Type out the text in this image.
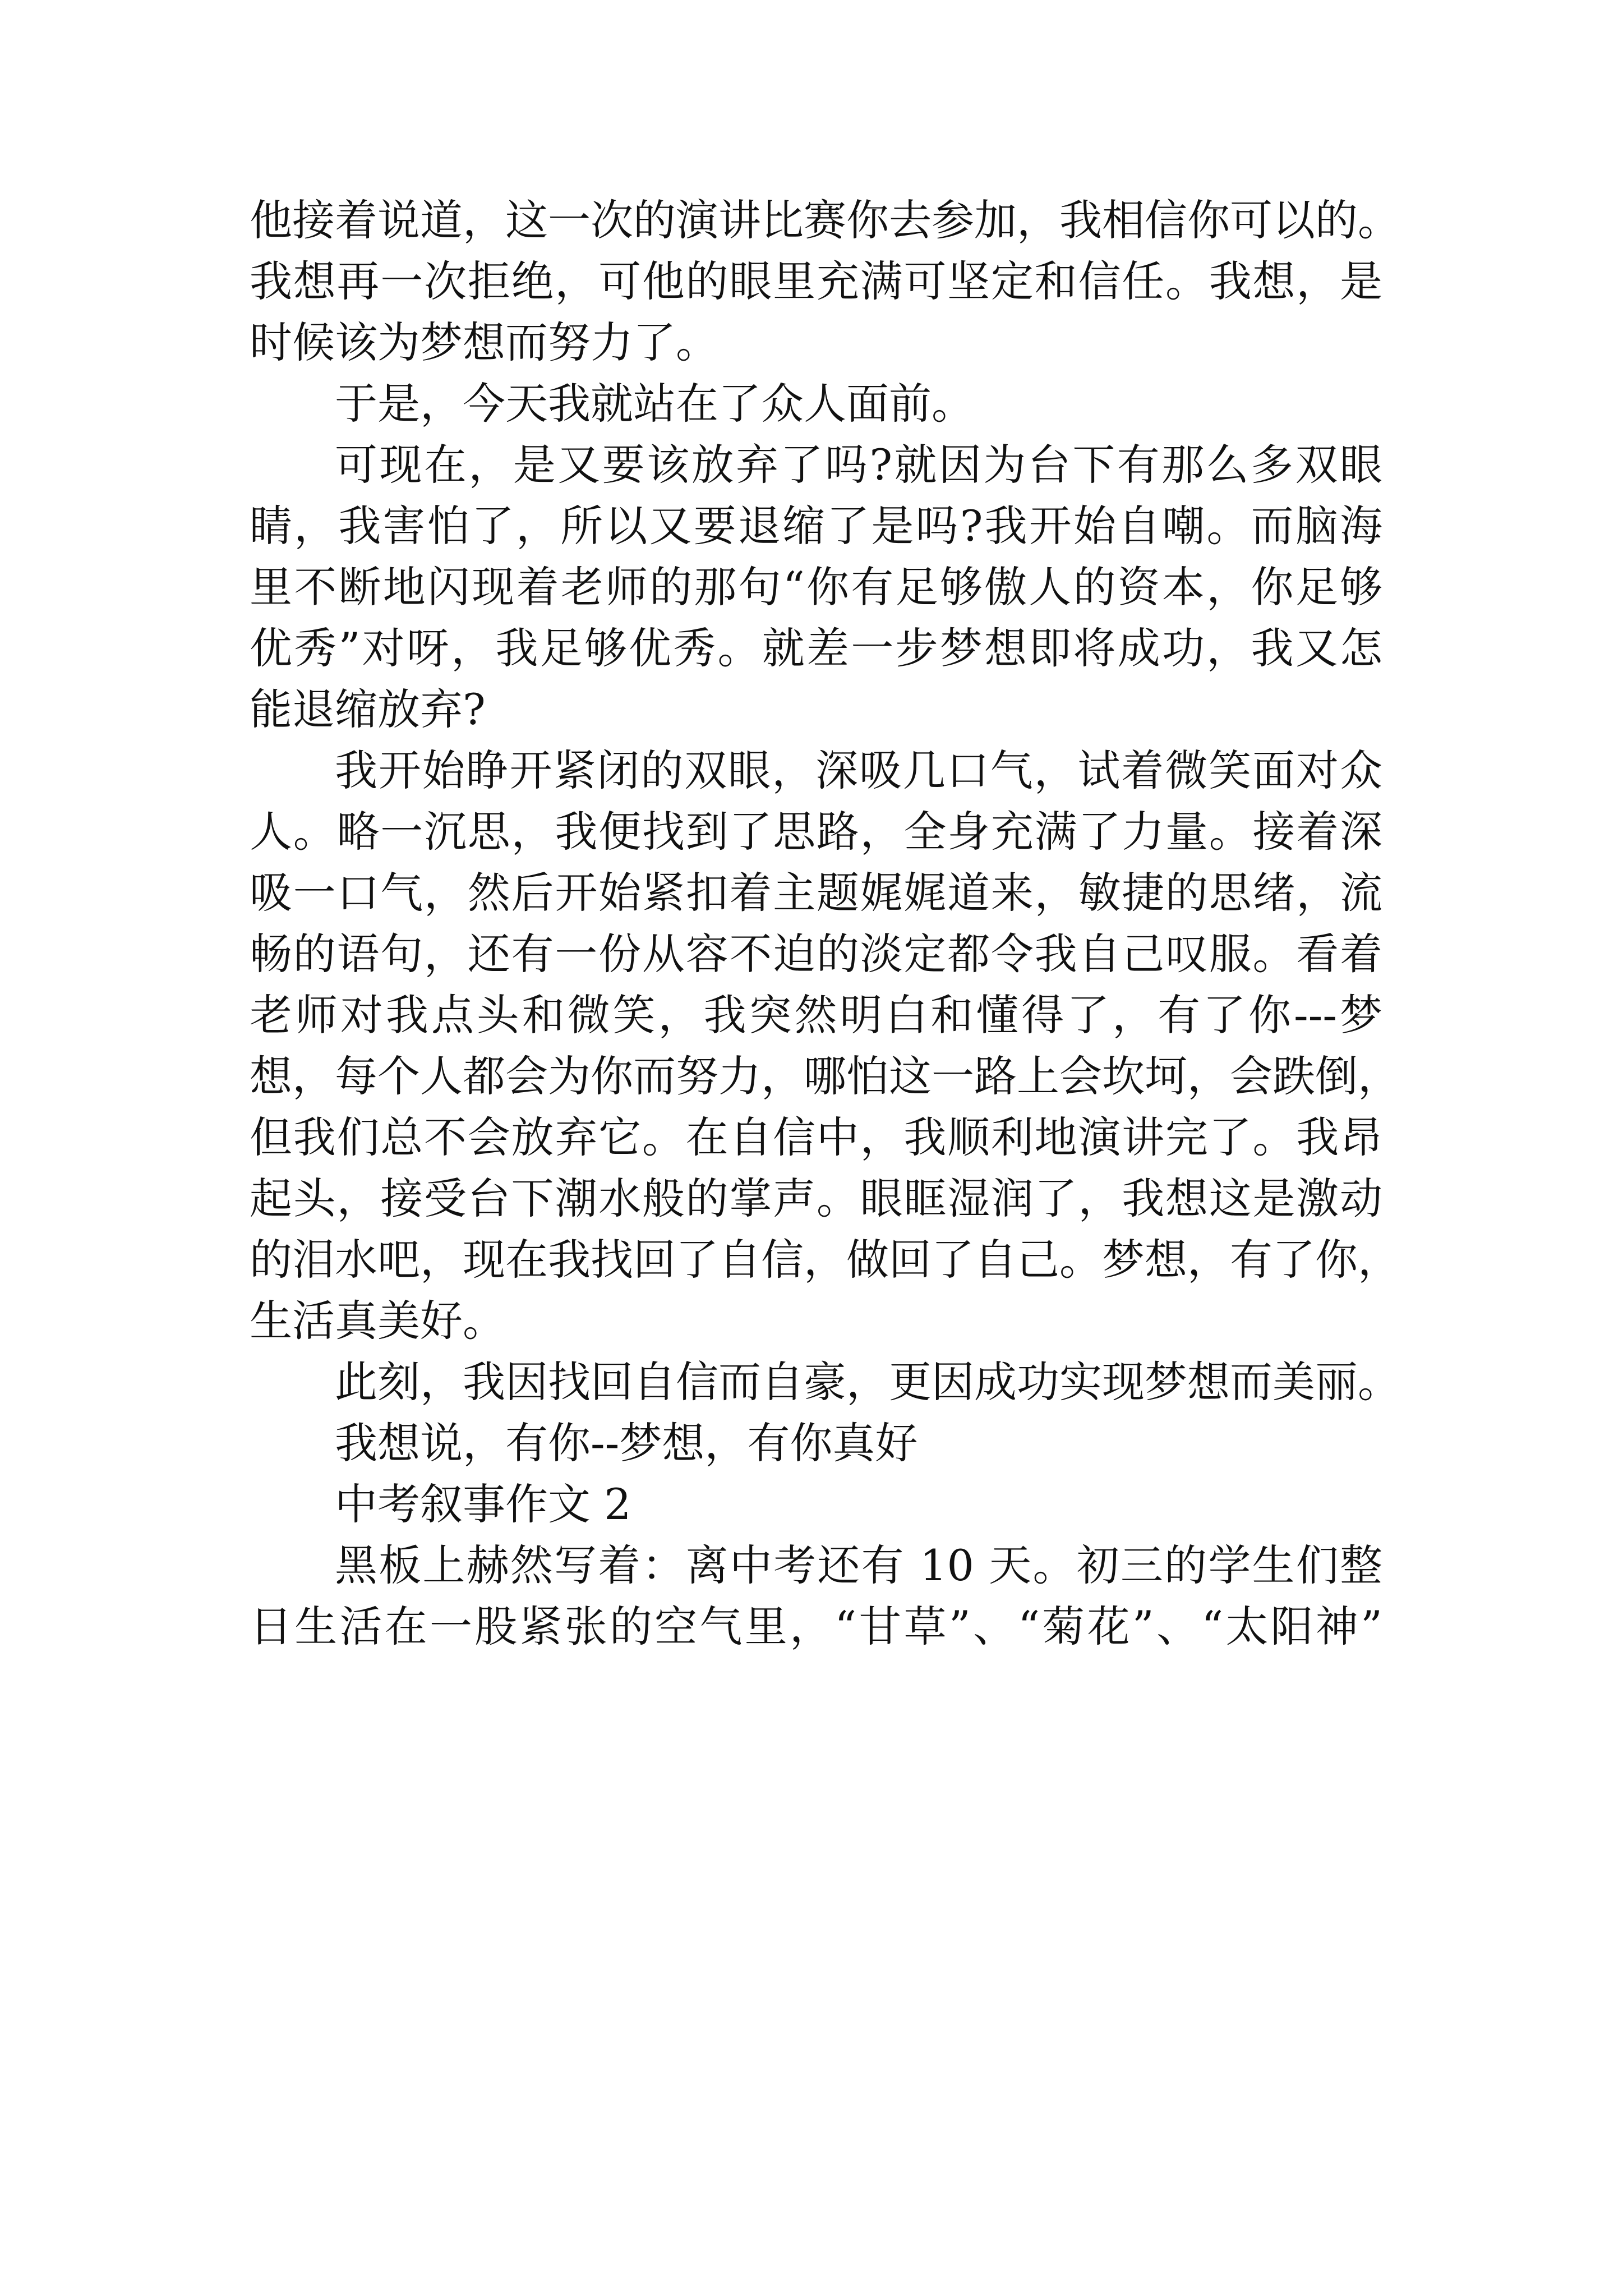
他接着说道，这一次的演讲比赛你去参加，我相信你可以的。
我想再一次拒绝，可他的眼里充满可坚定和信任。我想，是
时候该为梦想而努力了。
于是，今天我就站在了众人面前。
可现在，是又要该放弃了吗?就因为台下有那么多双眼
睛，我害怕了，所以又要退缩了是吗?我开始自嘲。而脑海
里不断地闪现着老师的那句“你有足够傲人的资本，你足够
优秀”对呀，我足够优秀。就差一步梦想即将成功，我又怎
能退缩放弃?
我开始睁开紧闭的双眼，深吸几口气，试着微笑面对众
人。略一沉思，我便找到了思路，全身充满了力量。接着深
吸一口气，然后开始紧扣着主题娓娓道来，敏捷的思绪，流
畅的语句，还有一份从容不迫的淡定都令我自己叹服。看着
老师对我点头和微笑，我突然明白和懂得了，有了你---梦
想，每个人都会为你而努力，哪怕这一路上会坎坷，会跌倒，
但我们总不会放弃它。在自信中，我顺利地演讲完了。我昂
起头，接受台下潮水般的掌声。眼眶湿润了，我想这是激动
的泪水吧，现在我找回了自信，做回了自己。梦想，有了你，
生活真美好。
此刻，我因找回自信而自豪，更因成功实现梦想而美丽。
我想说，有你--梦想，有你真好
中考叙事作文 2
黑板上赫然写着：离中考还有 10 天。初三的学生们整
日生活在一股紧张的空气里，“甘草”、“菊花”、“太阳神”
